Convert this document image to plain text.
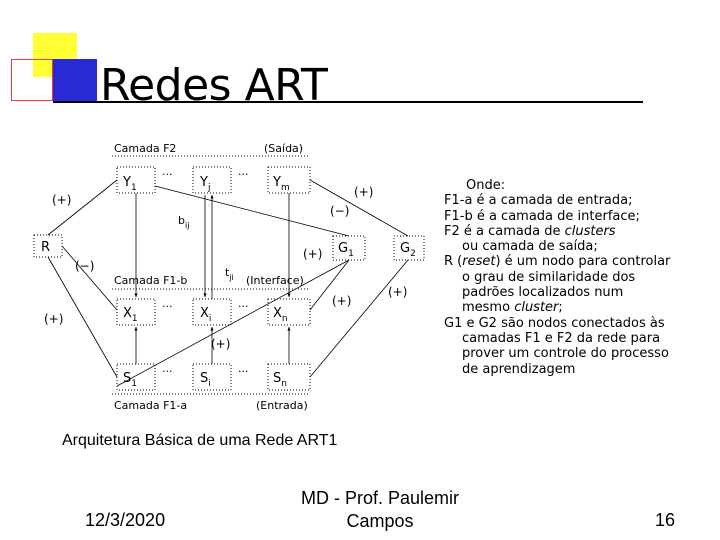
Redes ART
Camada F2	(Saída)
Camada F1-b	(Interface)
Camada F1-a	(Entrada)
$Y_1$	$Y_j$	$Y_m$
$X_1$	$X_i$	$X_n$
$S_1$	$S_i$	$S_n$
R	$G_1$	$G_2$
···	···
···	···
···	···
$b_{ij}$
$t_{ji}$
(+)
(−)
(+)
(+)
(−)
(+)
(+)
(+)
(+)
Onde:
F1-a é a camada de entrada;
F1-b é a camada de interface;
F2 é a camada de clusters
ou camada de saída;
R (reset) é um nodo para controlar
o grau de similaridade dos
padrões localizados num
mesmo cluster;
G1 e G2 são nodos conectados às
camadas F1 e F2 da rede para
prover um controle do processo
de aprendizagem
Arquitetura Básica de uma Rede ART1
12/3/2020
MD - Prof. Paulemir
Campos	16
